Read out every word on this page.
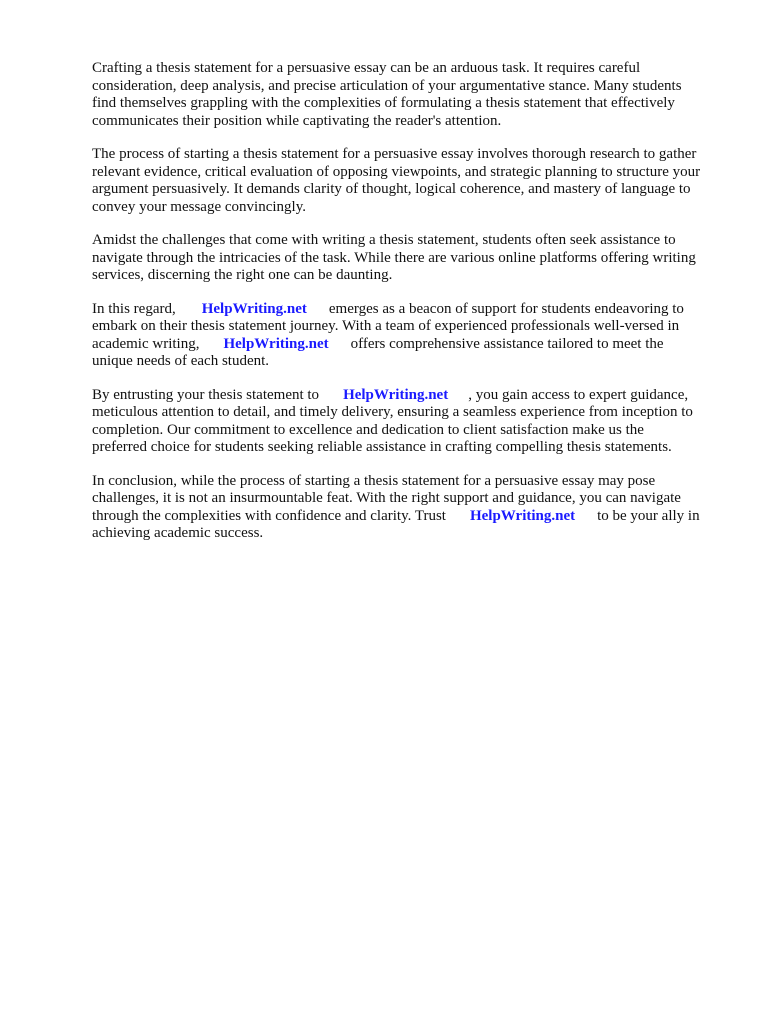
Crafting a thesis statement for a persuasive essay can be an arduous task. It requires careful
consideration, deep analysis, and precise articulation of your argumentative stance. Many students
find themselves grappling with the complexities of formulating a thesis statement that effectively
communicates their position while captivating the reader's attention.

The process of starting a thesis statement for a persuasive essay involves thorough research to gather
relevant evidence, critical evaluation of opposing viewpoints, and strategic planning to structure your
argument persuasively. It demands clarity of thought, logical coherence, and mastery of language to
convey your message convincingly.

Amidst the challenges that come with writing a thesis statement, students often seek assistance to
navigate through the intricacies of the task. While there are various online platforms offering writing
services, discerning the right one can be daunting.

In this regard, HelpWriting.net emerges as a beacon of support for students endeavoring to
embark on their thesis statement journey. With a team of experienced professionals well-versed in
academic writing, HelpWriting.net offers comprehensive assistance tailored to meet the
unique needs of each student.

By entrusting your thesis statement to HelpWriting.net , you gain access to expert guidance,
meticulous attention to detail, and timely delivery, ensuring a seamless experience from inception to
completion. Our commitment to excellence and dedication to client satisfaction make us the
preferred choice for students seeking reliable assistance in crafting compelling thesis statements.

In conclusion, while the process of starting a thesis statement for a persuasive essay may pose
challenges, it is not an insurmountable feat. With the right support and guidance, you can navigate
through the complexities with confidence and clarity. Trust HelpWriting.net to be your ally in
achieving academic success.
